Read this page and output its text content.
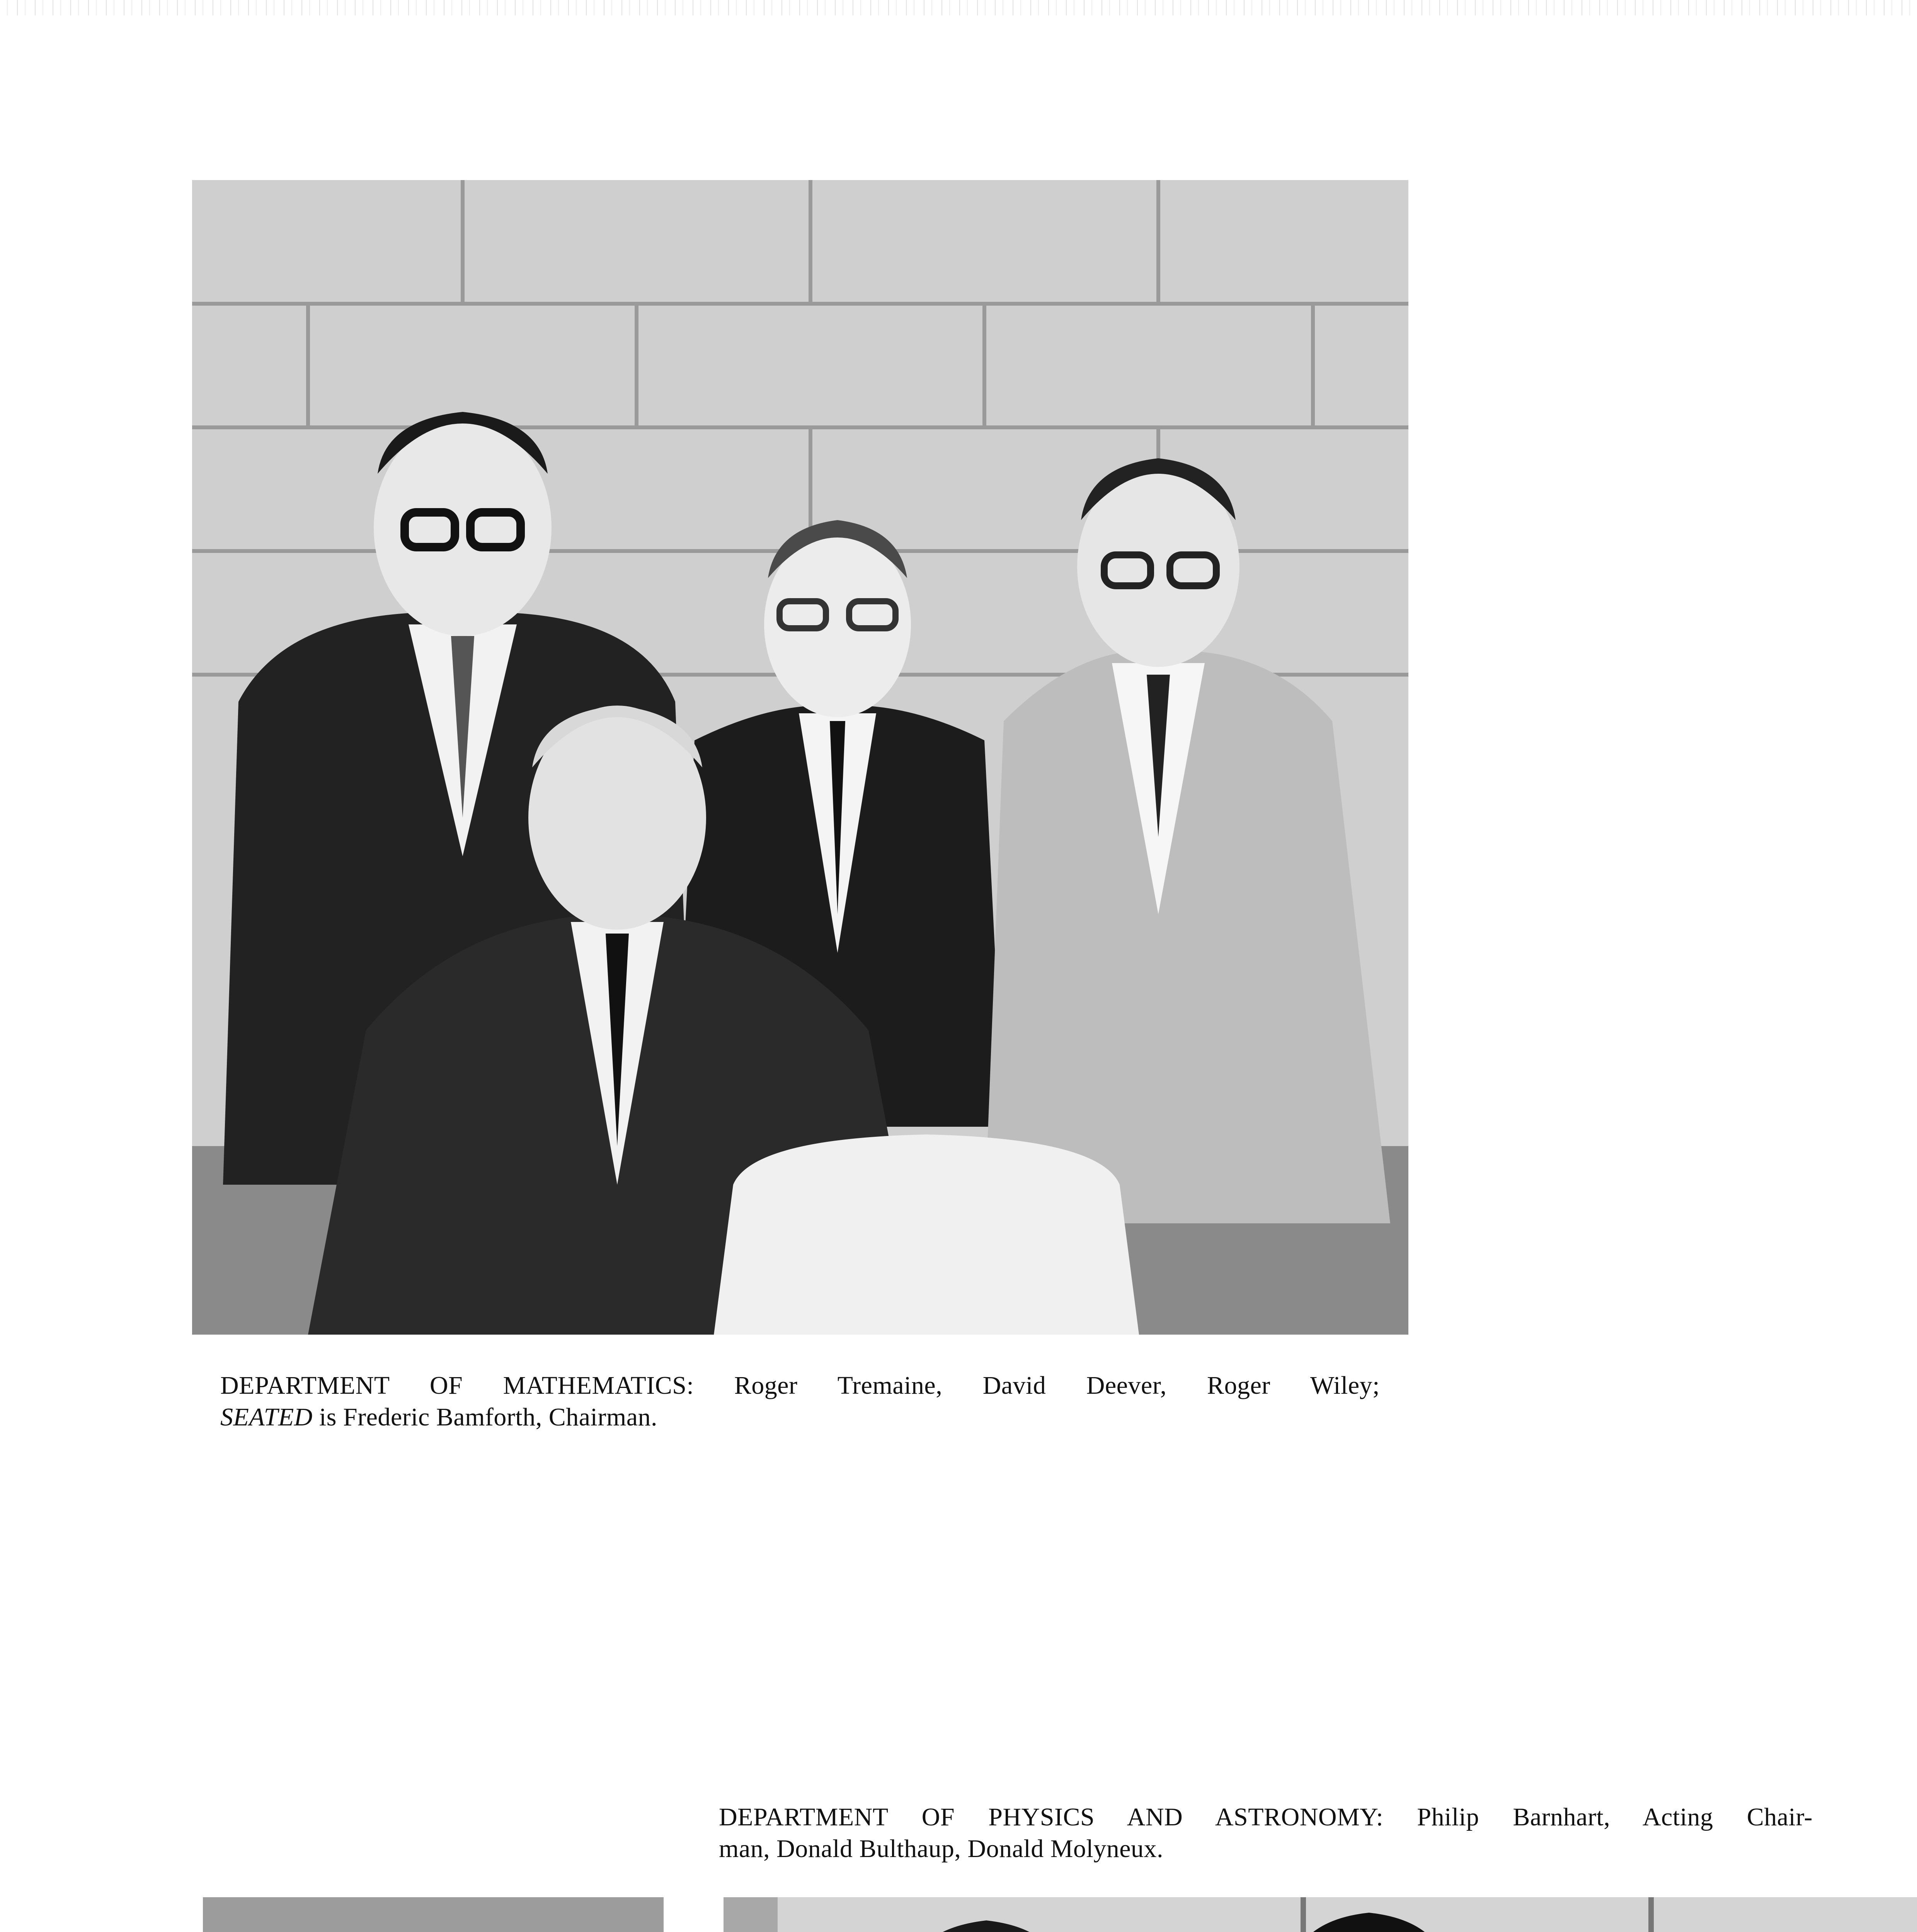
DEPARTMENT OF MATHEMATICS: Roger Tremaine, David Deever, Roger Wiley;
SEATED is Frederic Bamforth, Chairman.
DEPARTMENT OF PHYSICS AND ASTRONOMY: Philip Barnhart, Acting Chair-
man, Donald Bulthaup, Donald Molyneux.
